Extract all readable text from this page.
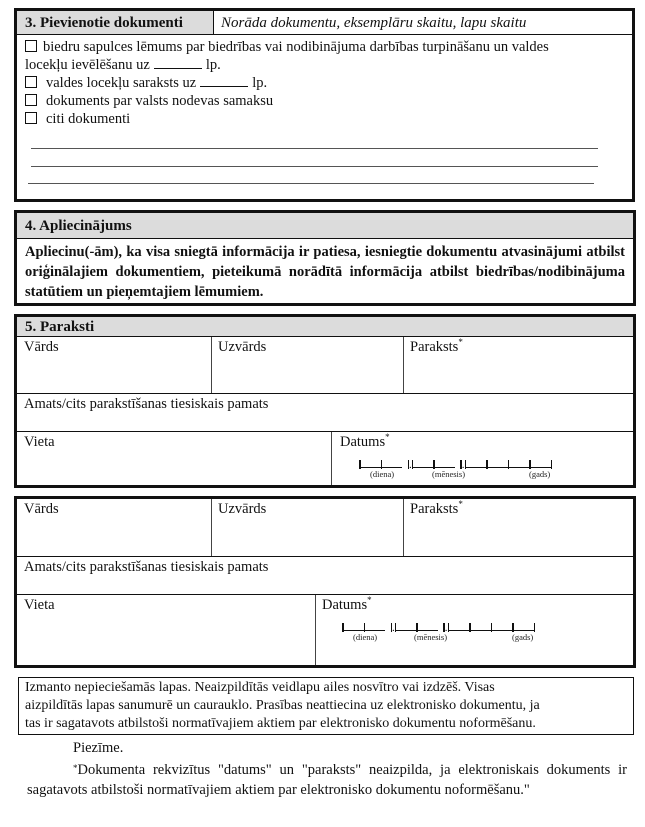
3. Pievienotie dokumenti	Norāda dokumentu, eksemplāru skaitu, lapu skaitu
biedru sapulces lēmums par biedrības vai nodibinājuma darbības turpināšanu un valdes
locekļu ievēlēšanu uz	lp.
valdes locekļu saraksts uz	lp.
dokuments par valsts nodevas samaksu
citi dokumenti
4. Apliecinājums
Apliecinu(-ām), ka visa sniegtā informācija ir patiesa, iesniegtie dokumentu atvasinājumi atbilst oriģinālajiem dokumentiem, pieteikumā norādītā informācija atbilst biedrības/nodibinājuma statūtiem un pieņemtajiem lēmumiem.
5. Paraksti
Vārds	Uzvārds	Paraksts*
Amats/cits parakstīšanas tiesiskais pamats
Vieta	Datums*
.	.
(diena)	(mēnesis)	(gads)
Vārds	Uzvārds	Paraksts*
Amats/cits parakstīšanas tiesiskais pamats
Vieta	Datums*
.	.
(diena)	(mēnesis)	(gads)
Izmanto nepieciešamās lapas. Neaizpildītās veidlapu ailes nosvītro vai izdzēš. Visas
aizpildītās lapas sanumurē un caurauklo. Prasības neattiecina uz elektronisko dokumentu, ja
tas ir sagatavots atbilstoši normatīvajiem aktiem par elektronisko dokumentu noformēšanu.
Piezīme.
*Dokumenta rekvizītus "datums" un "paraksts" neaizpilda, ja elektroniskais dokuments ir sagatavots atbilstoši normatīvajiem aktiem par elektronisko dokumentu noformēšanu."
